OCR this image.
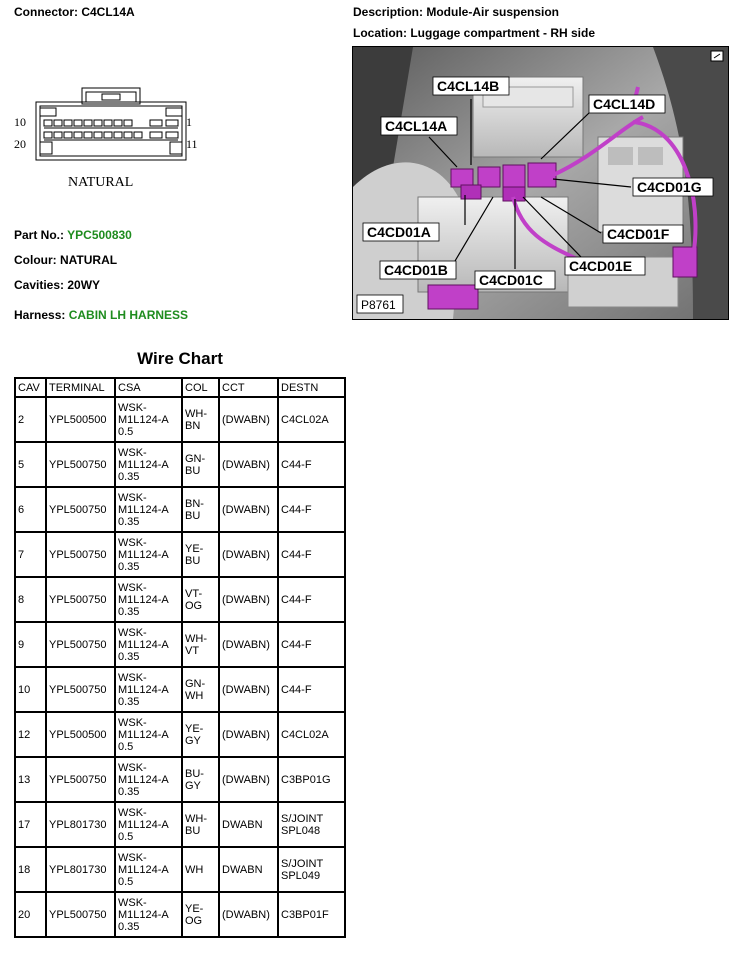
Connector: C4CL14A	Description: Module-Air suspension
Location: Luggage compartment - RH side
10	1
20	11
NATURAL
Part No.: YPC500830
Colour: NATURAL
Cavities: 20WY
Harness: CABIN LH HARNESS
C4CL14B
C4CL14D
C4CL14A
C4CD01G
C4CD01A	C4CD01F
C4CD01E
C4CD01B
C4CD01C
P8761
Wire Chart
CAV	TERMINAL	CSA	COL	CCT	DESTN
2	YPL500500	WSK-
M1L124-A
0.5	WH-
BN	(DWABN)	C4CL02A
5	YPL500750	WSK-
M1L124-A
0.35	GN-
BU	(DWABN)	C44-F
6	YPL500750	WSK-
M1L124-A
0.35	BN-
BU	(DWABN)	C44-F
7	YPL500750	WSK-
M1L124-A
0.35	YE-
BU	(DWABN)	C44-F
8	YPL500750	WSK-
M1L124-A
0.35	VT-
OG	(DWABN)	C44-F
9	YPL500750	WSK-
M1L124-A
0.35	WH-
VT	(DWABN)	C44-F
10	YPL500750	WSK-
M1L124-A
0.35	GN-
WH	(DWABN)	C44-F
12	YPL500500	WSK-
M1L124-A
0.5	YE-
GY	(DWABN)	C4CL02A
13	YPL500750	WSK-
M1L124-A
0.35	BU-
GY	(DWABN)	C3BP01G
17	YPL801730	WSK-
M1L124-A
0.5	WH-
BU	DWABN	S/JOINT
SPL048
18	YPL801730	WSK-
M1L124-A
0.5	WH	DWABN	S/JOINT
SPL049
20	YPL500750	WSK-
M1L124-A
0.35	YE-
OG	(DWABN)	C3BP01F
